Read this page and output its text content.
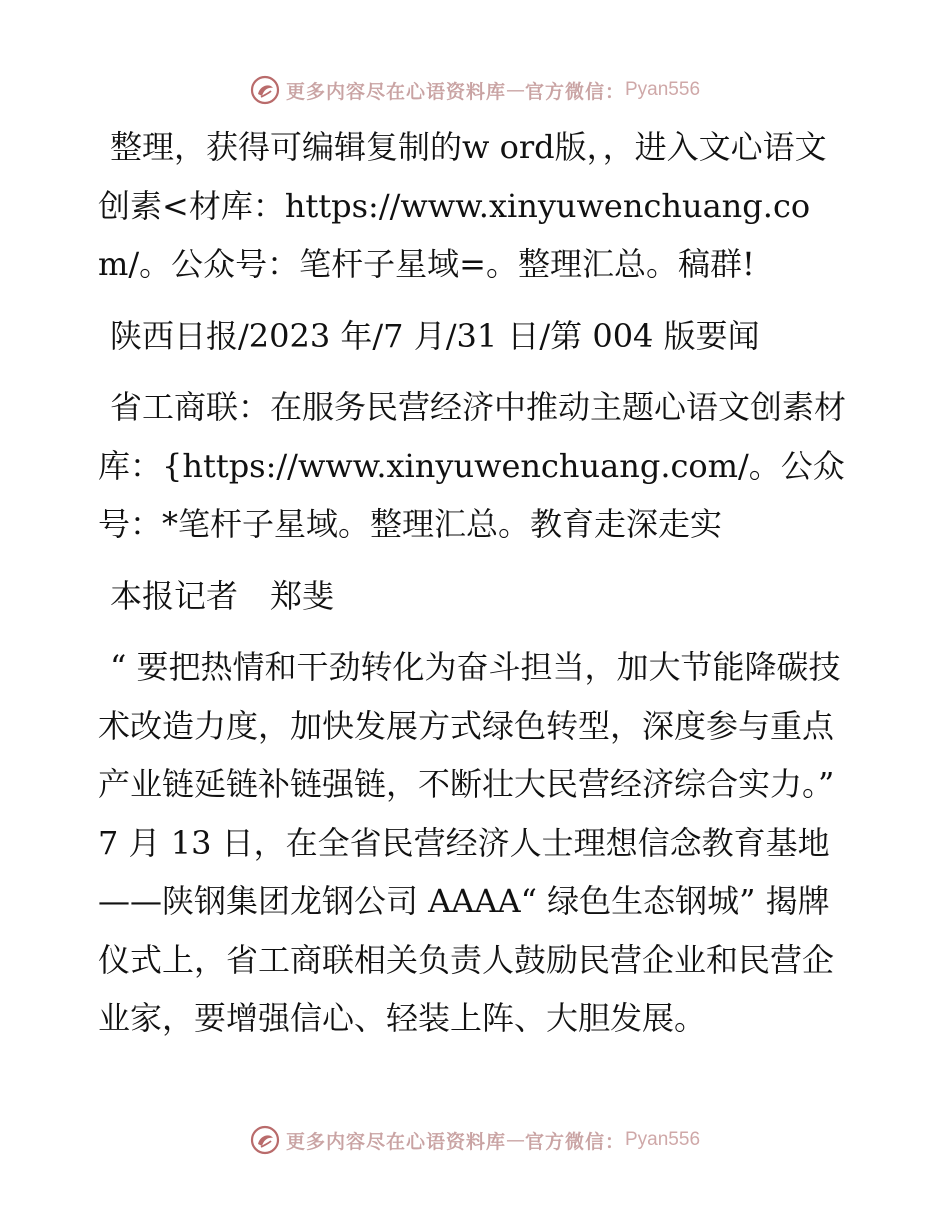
更多内容尽在心语资料库 — 官方微信： Pyan556

整理，获得可编辑复制的w ord版，，进入文心语文创素<材库：https://www.xinyuwenchuang.com/。公众号：笔杆子星域=。整理汇总。稿群!

陕西日报/2023 年/7 月/31 日/第 004 版要闻

省工商联：在服务民营经济中推动主题心语文创素材库：{https://www.xinyuwenchuang.com/。公众号：*笔杆子星域。整理汇总。教育走深走实

本报记者　郑斐

“ 要把热情和干劲转化为奋斗担当，加大节能降碳技术改造力度，加快发展方式绿色转型，深度参与重点产业链延链补链强链，不断壮大民营经济综合实力。” 7 月 13 日，在全省民营经济人士理想信念教育基地——陕钢集团龙钢公司 AAAA“ 绿色生态钢城” 揭牌仪式上，省工商联相关负责人鼓励民营企业和民营企业家，要增强信心、轻装上阵、大胆发展。

更多内容尽在心语资料库 — 官方微信： Pyan556
